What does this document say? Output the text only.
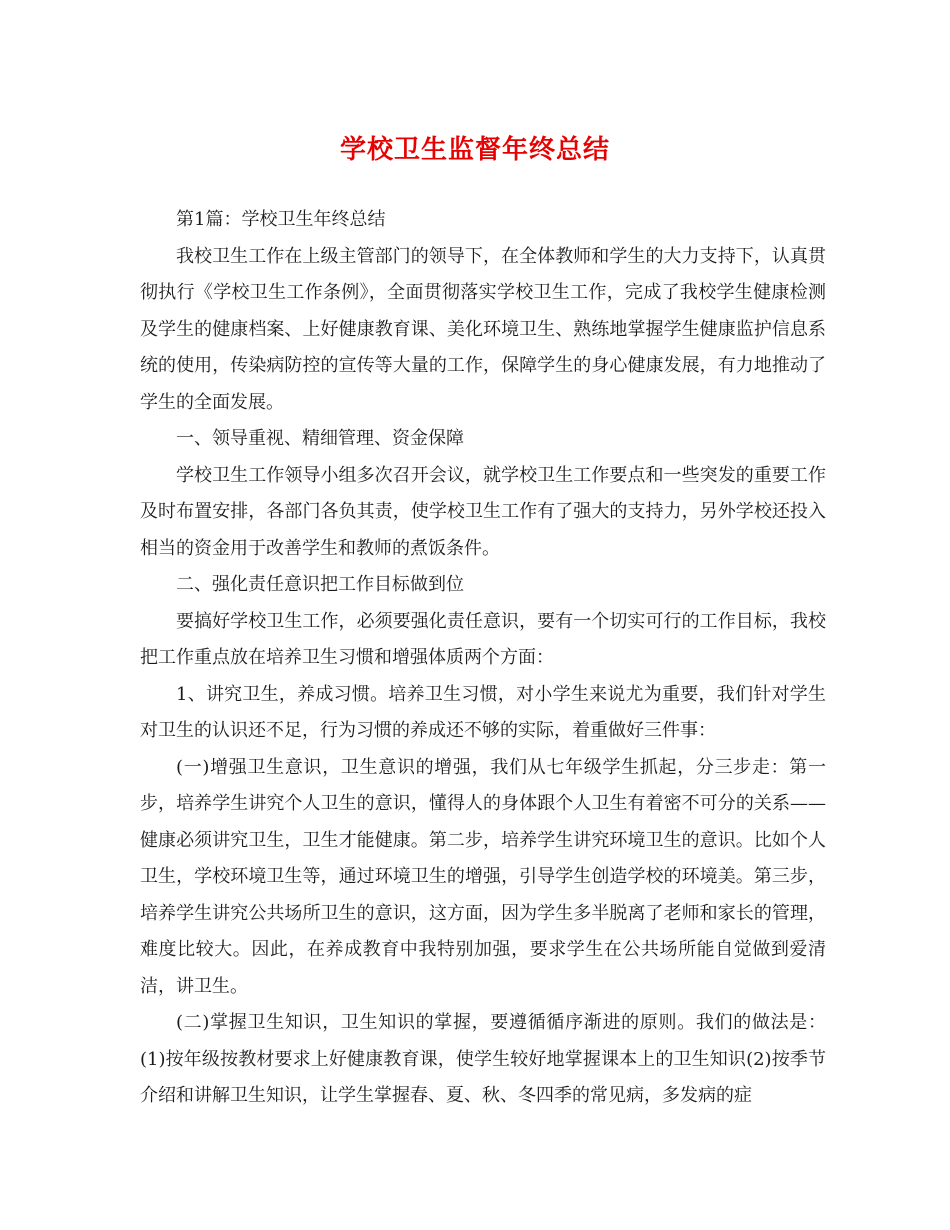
学校卫生监督年终总结

第1篇：学校卫生年终总结

我校卫生工作在上级主管部门的领导下，在全体教师和学生的大力支持下，认真贯彻执行《学校卫生工作条例》，全面贯彻落实学校卫生工作，完成了我校学生健康检测及学生的健康档案、上好健康教育课、美化环境卫生、熟练地掌握学生健康监护信息系统的使用，传染病防控的宣传等大量的工作，保障学生的身心健康发展，有力地推动了学生的全面发展。

一、领导重视、精细管理、资金保障

学校卫生工作领导小组多次召开会议，就学校卫生工作要点和一些突发的重要工作及时布置安排，各部门各负其责，使学校卫生工作有了强大的支持力，另外学校还投入相当的资金用于改善学生和教师的煮饭条件。

二、强化责任意识把工作目标做到位

要搞好学校卫生工作，必须要强化责任意识，要有一个切实可行的工作目标，我校把工作重点放在培养卫生习惯和增强体质两个方面：

1、讲究卫生，养成习惯。培养卫生习惯，对小学生来说尤为重要，我们针对学生对卫生的认识还不足，行为习惯的养成还不够的实际，着重做好三件事：

(一)增强卫生意识，卫生意识的增强，我们从七年级学生抓起，分三步走：第一步，培养学生讲究个人卫生的意识，懂得人的身体跟个人卫生有着密不可分的关系——健康必须讲究卫生，卫生才能健康。第二步，培养学生讲究环境卫生的意识。比如个人卫生，学校环境卫生等，通过环境卫生的增强，引导学生创造学校的环境美。第三步，培养学生讲究公共场所卫生的意识，这方面，因为学生多半脱离了老师和家长的管理，难度比较大。因此，在养成教育中我特别加强，要求学生在公共场所能自觉做到爱清洁，讲卫生。

(二)掌握卫生知识，卫生知识的掌握，要遵循循序渐进的原则。我们的做法是：(1)按年级按教材要求上好健康教育课，使学生较好地掌握课本上的卫生知识(2)按季节介绍和讲解卫生知识，让学生掌握春、夏、秋、冬四季的常见病，多发病的症
